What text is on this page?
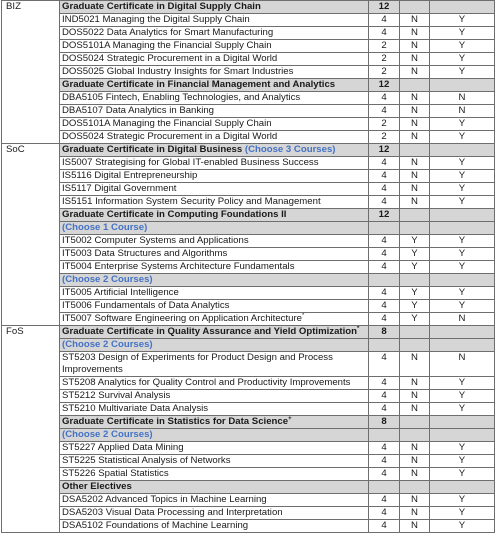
BIZ	Graduate Certificate in Digital Supply Chain	12		
	IND5021 Managing the Digital Supply Chain	4	N	Y
	DOS5022 Data Analytics for Smart Manufacturing	4	N	Y
	DOS5101A Managing the Financial Supply Chain	2	N	Y
	DOS5024 Strategic Procurement in a Digital World	2	N	Y
	DOS5025 Global Industry Insights for Smart Industries	2	N	Y
	Graduate Certificate in Financial Management and Analytics	12		
	DBA5105 Fintech, Enabling Technologies, and Analytics	4	N	N
	DBA5107 Data Analytics in Banking	4	N	N
	DOS5101A Managing the Financial Supply Chain	2	N	Y
	DOS5024 Strategic Procurement in a Digital World	2	N	Y
SoC	Graduate Certificate in Digital Business (Choose 3 Courses)	12		
	IS5007 Strategising for Global IT-enabled Business Success	4	N	Y
	IS5116 Digital Entrepreneurship	4	N	Y
	IS5117 Digital Government	4	N	Y
	IS5151 Information System Security Policy and Management	4	N	Y
	Graduate Certificate in Computing Foundations II	12		
	(Choose 1 Course)			
	IT5002 Computer Systems and Applications	4	Y	Y
	IT5003 Data Structures and Algorithms	4	Y	Y
	IT5004 Enterprise Systems Architecture Fundamentals	4	Y	Y
	(Choose 2 Courses)			
	IT5005 Artificial Intelligence	4	Y	Y
	IT5006 Fundamentals of Data Analytics	4	Y	Y
	IT5007 Software Engineering on Application Architecture*	4	Y	N
FoS	Graduate Certificate in Quality Assurance and Yield Optimization*	8		
	(Choose 2 Courses)			
	ST5203 Design of Experiments for Product Design and Process Improvements	4	N	N
	ST5208 Analytics for Quality Control and Productivity Improvements	4	N	Y
	ST5212 Survival Analysis	4	N	Y
	ST5210 Multivariate Data Analysis	4	N	Y
	Graduate Certificate in Statistics for Data Science+	8		
	(Choose 2 Courses)			
	ST5227 Applied Data Mining	4	N	Y
	ST5225 Statistical Analysis of Networks	4	N	Y
	ST5226 Spatial Statistics	4	N	Y
	Other Electives			
	DSA5202 Advanced Topics in Machine Learning	4	N	Y
	DSA5203 Visual Data Processing and Interpretation	4	N	Y
	DSA5102 Foundations of Machine Learning	4	N	Y
